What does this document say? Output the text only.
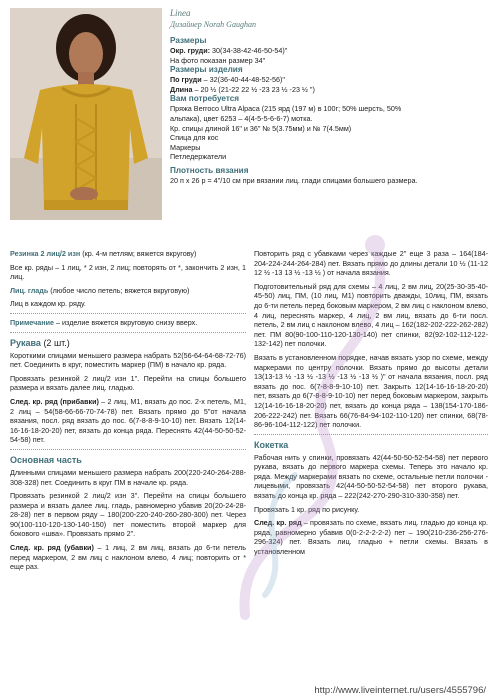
Linea
Дизайнер Norah Gaughan
Размеры
Окр. груди: 30(34-38-42-46-50-54)"
На фото показан размер 34"
Размеры изделия
По груди – 32(36-40-44-48-52-56)"
Длина – 20 ½ (21-22 22 ½ -23 23 ½ -23 ½ ")
Вам потребуется
Пряжа Berroco Ultra Alpaca (215 ярд (197 м) в 100г; 50% шерсть, 50%
альпака), цвет 6253 – 4(4-5-5-6-6-7) мотка.
Кр. спицы длиной 16" и 36" № 5(3.75мм) и № 7(4.5мм)
Спица для кос
Маркеры
Петледержатели
Плотность вязания
20 п х 26 р = 4"/10 см при вязании лиц. глади спицами большего размера.
Резинка 2 лиц/2 изн (кр. 4-м петлям; вяжется вкругову)
Все кр. ряды – 1 лиц, * 2 изн, 2 лиц; повторять от *, закончить 2 изн, 1 лиц.
Лиц. гладь (любое число петель; вяжется вкруговую)
Лиц в каждом кр. ряду.
Примечание – изделие вяжется вкруговую снизу вверх.
Рукава (2 шт.)
Короткими спицами меньшего размера набрать 52(56-64-64-68-72-76) пет. Соединить в круг, поместить маркер (ПМ) в начало кр. ряда.
Провязать резинкой 2 лиц/2 изн 1". Перейти на спицы большего размера и вязать далее лиц. гладью.
След. кр. ряд (прибавки) – 2 лиц, М1, вязать до пос. 2-х петель, М1, 2 лиц – 54(58-66-66-70-74-78) пет. Вязать прямо до 5"от начала вязания, посл. ряд вязать до пос. 6(7-8-8-9-10-10) пет. Вязать 12(14-16-16-18-20-20) пет, вязать до конца ряда. Переснять 42(44-50-50-52-54-58) пет.
Основная часть
Длинными спицами меньшего размера набрать 200(220-240-264-288-308-328) пет. Соединить в круг ПМ в начале кр. ряда.
Провязать резинкой 2 лиц/2 изн 3". Перейти на спицы большего размера и вязать далее лиц. гладь, равномерно убавив 20(20-24-28-28-28) пет в первом ряду – 180(200-220-240-260-280-300) пет. Через 90(100-110-120-130-140-150) пет поместить второй маркер для бокового «шва». Провязать прямо 2".
След. кр. ряд (убавки) – 1 лиц, 2 вм лиц, вязать до 6-ти петель перед маркером, 2 вм лиц с наклоном влево, 4 лиц; повторить от * еще раз.
Повторить ряд с убавками через каждые 2" еще 3 раза – 164(184-204-224-244-264-284) пет. Вязать прямо до длины детали 10 ½ (11-12 12 ½ -13 13 ½ -13 ½ ) от начала вязания.
Подготовительный ряд для схемы – 4 лиц, 2 вм лиц, 20(25-30-35-40-45-50) лиц, ПМ, (10 лиц, М1) повторить дважды, 10лиц, ПМ, вязать до 6-ти петель перед боковым маркером, 2 вм лиц с наклоном влево, 4 лиц, переснять маркер, 4 лиц, 2 вм лиц, вязать до 6-ти посл. петель, 2 вм лиц с наклоном влево, 4 лиц – 162(182-202-222-262-282) пет. ПМ 80(90-100-110-120-130-140) пет спинки, 82(92-102-112-122-132-142) пет полочки.
Вязать в установленном порядке, начав вязать узор по схеме, между маркерами по центру полочки. Вязать прямо до высоты детали 13(13-13 ½ -13 ½ -13 ½ -13 ½ -13 ½ )" от начала вязания, посл. ряд вязать до пос. 6(7-8-8-9-10-10) пет. Закрыть 12(14-16-16-18-20-20) пет, вязать до 6(7-8-8-9-10-10) пет перед боковым маркером, закрыть 12(14-16-16-18-20-20) пет, вязать до конца ряда – 138(154-170-186-206-222-242) пет. Вязать 66(76-84-94-102-110-120) пет спинки, 68(78-86-96-104-112-122) пет полочки.
Кокетка
Рабочая нить у спинки, провязать 42(44-50-50-52-54-58) пет первого рукава, вязать до первого маркера схемы. Теперь это начало кр. ряда. Между маркерами вязать по схеме, остальные петли полочки - лицевыми, провязать 42(44-50-50-52-54-58) пет второго рукава, вязать до конца кр. ряда – 222(242-270-290-310-330-358) пет.
Провязать 1 кр. ряд по рисунку.
След. кр. ряд – провязать по схеме, вязать лиц. гладью до конца кр. ряда, равномерно убавив 0(0-2-2-2-2-2) пет – 190(210-236-256-276-296-324) пет. Вязать лиц. гладью + петли схемы. Вязать в установленном
http://www.liveinternet.ru/users/4555796/
